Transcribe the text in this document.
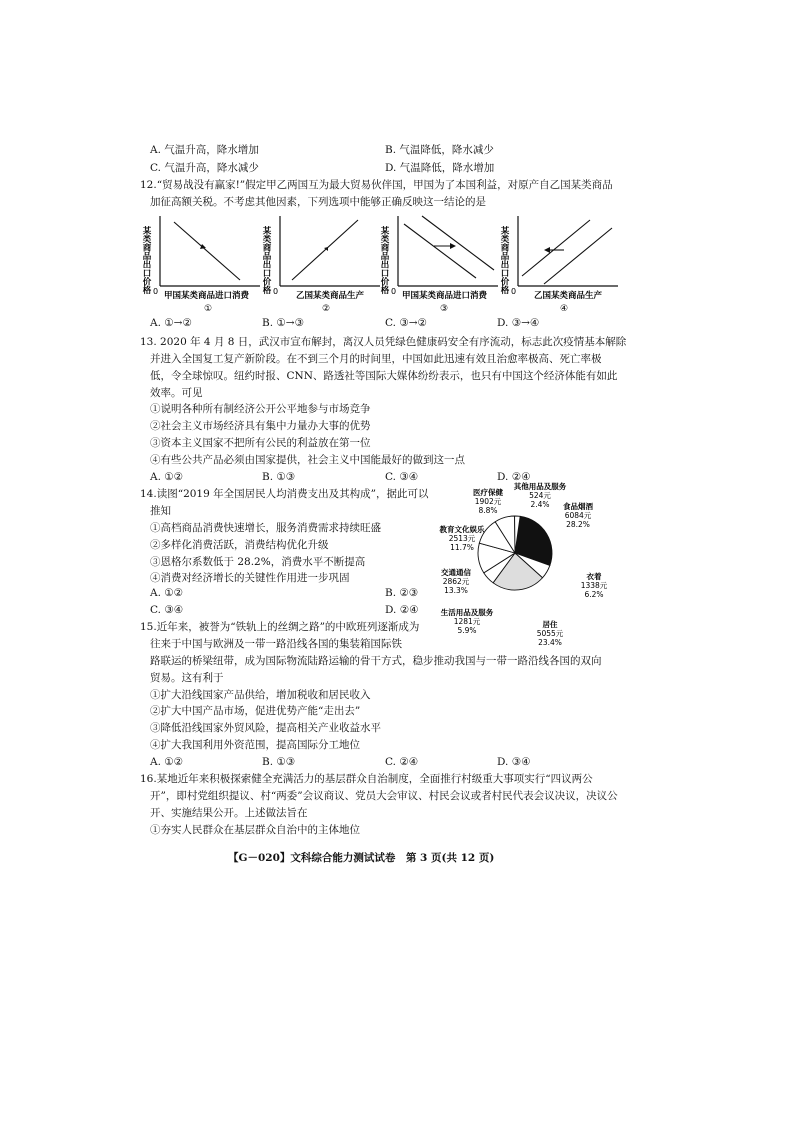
A. 气温升高，降水增加	B. 气温降低，降水减少
C. 气温升高，降水减少	D. 气温降低，降水增加
12.“贸易战没有赢家!”假定甲乙两国互为最大贸易伙伴国，甲国为了本国利益，对原产自乙国某类商品
加征高额关税。不考虑其他因素，下列选项中能够正确反映这一结论的是
某类商品出口价格 0 甲国某类商品进口消费
①
某类商品出口价格 0 乙国某类商品生产
②
某类商品出口价格 0 甲国某类商品进口消费
③
某类商品出口价格 0 乙国某类商品生产
④
A. ①→②	B. ①→③	C. ③→②	D. ③→④
13. 2020 年 4 月 8 日，武汉市宣布解封，离汉人员凭绿色健康码安全有序流动，标志此次疫情基本解除
并进入全国复工复产新阶段。在不到三个月的时间里，中国如此迅速有效且治愈率极高、死亡率极
低，令全球惊叹。纽约时报、CNN、路透社等国际大媒体纷纷表示，也只有中国这个经济体能有如此
效率。可见
①说明各种所有制经济公开公平地参与市场竞争
②社会主义市场经济具有集中力量办大事的优势
③资本主义国家不把所有公民的利益放在第一位
④有些公共产品必须由国家提供，社会主义中国能最好的做到这一点
A. ①②	B. ①③	C. ③④	D. ②④
14.读图“2019 年全国居民人均消费支出及其构成”，据此可以
推知
①高档商品消费快速增长，服务消费需求持续旺盛
②多样化消费活跃，消费结构优化升级
③恩格尔系数低于 28.2%，消费水平不断提高
④消费对经济增长的关键性作用进一步巩固
A. ①②	B. ②③
C. ③④	D. ②④
食品烟酒
6084元
28.2%
衣着
1338元
6.2%
居住
5055元
23.4%
生活用品及服务
1281元
5.9%
交通通信
2862元
13.3%
教育文化娱乐
2513元
11.7%
医疗保健
1902元
8.8%
其他用品及服务
524元
2.4%
15.近年来，被誉为“铁轨上的丝绸之路”的中欧班列逐渐成为
往来于中国与欧洲及一带一路沿线各国的集装箱国际铁
路联运的桥梁纽带，成为国际物流陆路运输的骨干方式，稳步推动我国与一带一路沿线各国的双向
贸易。这有利于
①扩大沿线国家产品供给，增加税收和居民收入
②扩大中国产品市场，促进优势产能“走出去”
③降低沿线国家外贸风险，提高相关产业收益水平
④扩大我国利用外资范围，提高国际分工地位
A. ①②	B. ①③	C. ②④	D. ③④
16.某地近年来积极探索健全充满活力的基层群众自治制度，全面推行村级重大事项实行“四议两公
开”，即村党组织提议、村“两委”会议商议、党员大会审议、村民会议或者村民代表会议决议，决议公
开、实施结果公开。上述做法旨在
①夯实人民群众在基层群众自治中的主体地位
【G－020】文科综合能力测试试卷　第 3 页(共 12 页)
